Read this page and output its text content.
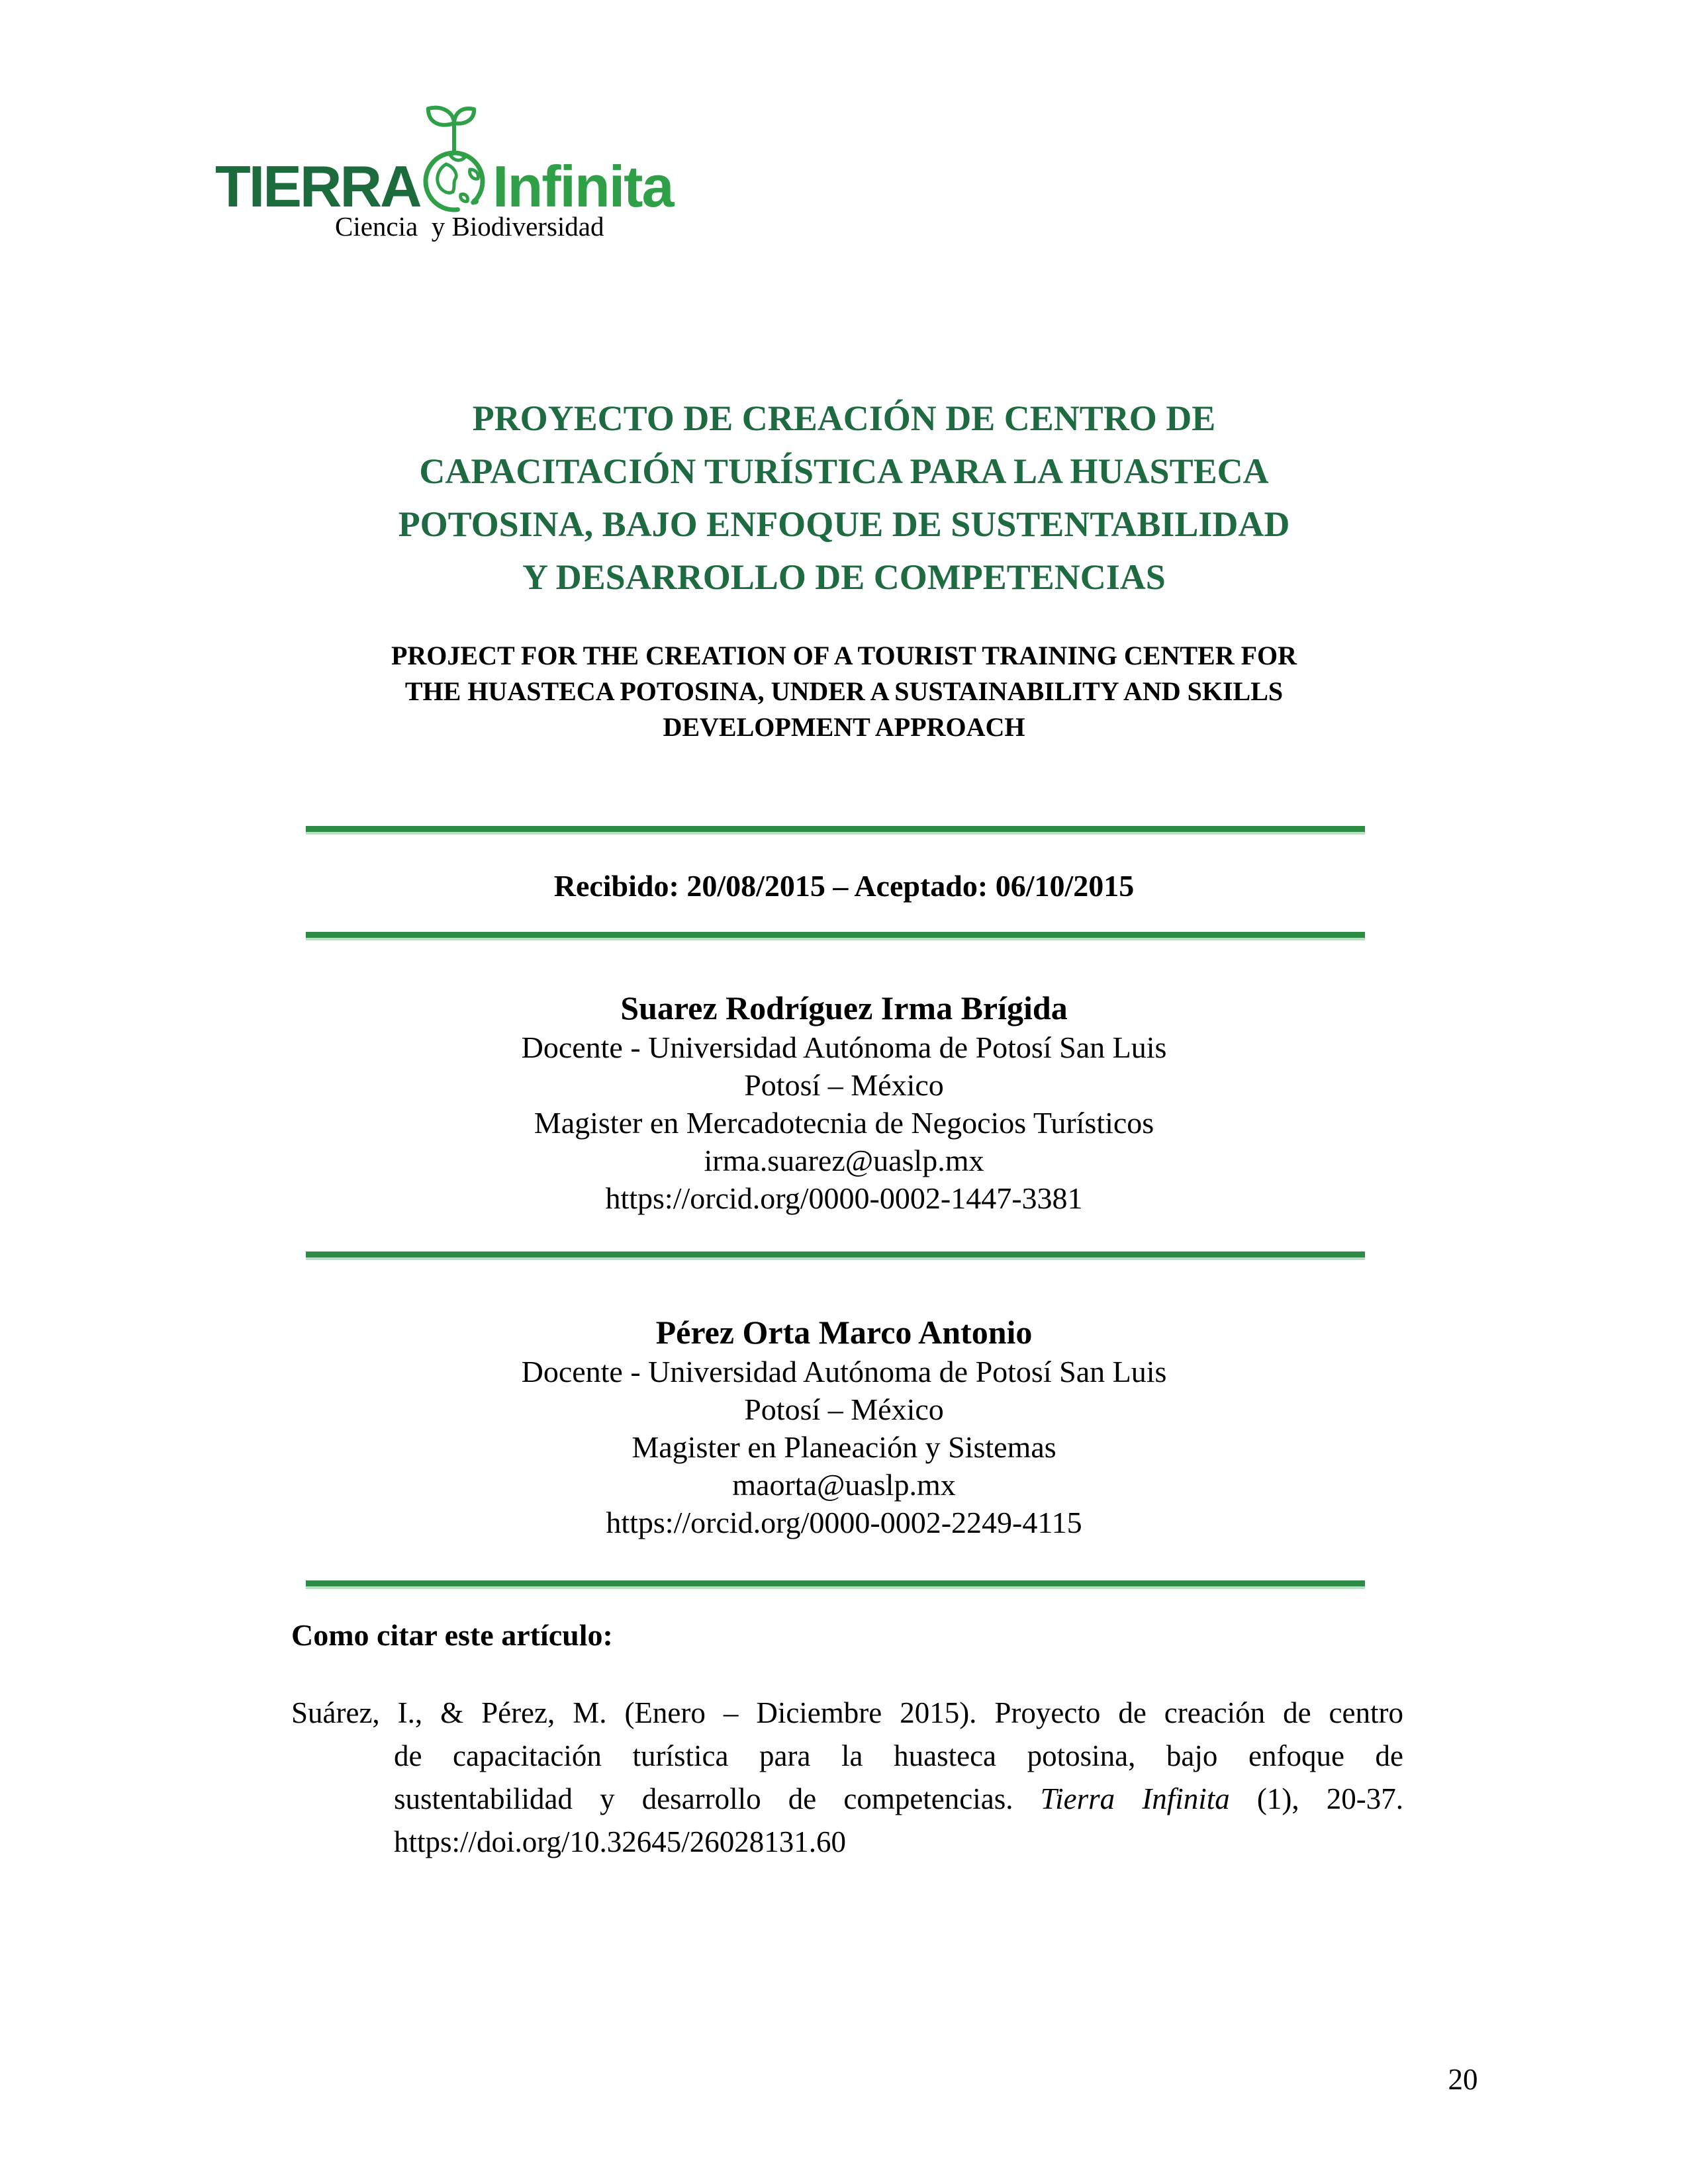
TIERRA Infinita
Ciencia  y Biodiversidad
PROYECTO DE CREACIÓN DE CENTRO DE
CAPACITACIÓN TURÍSTICA PARA LA HUASTECA
POTOSINA, BAJO ENFOQUE DE SUSTENTABILIDAD
Y DESARROLLO DE COMPETENCIAS
PROJECT FOR THE CREATION OF A TOURIST TRAINING CENTER FOR
THE HUASTECA POTOSINA, UNDER A SUSTAINABILITY AND SKILLS
DEVELOPMENT APPROACH
Recibido: 20/08/2015 – Aceptado: 06/10/2015
Suarez Rodríguez Irma Brígida
Docente - Universidad Autónoma de Potosí San Luis
Potosí – México
Magister en Mercadotecnia de Negocios Turísticos
irma.suarez@uaslp.mx
https://orcid.org/0000-0002-1447-3381
Pérez Orta Marco Antonio
Docente - Universidad Autónoma de Potosí San Luis
Potosí – México
Magister en Planeación y Sistemas
maorta@uaslp.mx
https://orcid.org/0000-0002-2249-4115
Como citar este artículo:
Suárez, I., & Pérez, M. (Enero – Diciembre 2015). Proyecto de creación de centro
de capacitación turística para la huasteca potosina, bajo enfoque de
sustentabilidad y desarrollo de competencias. Tierra Infinita (1), 20-37.
https://doi.org/10.32645/26028131.60
20
